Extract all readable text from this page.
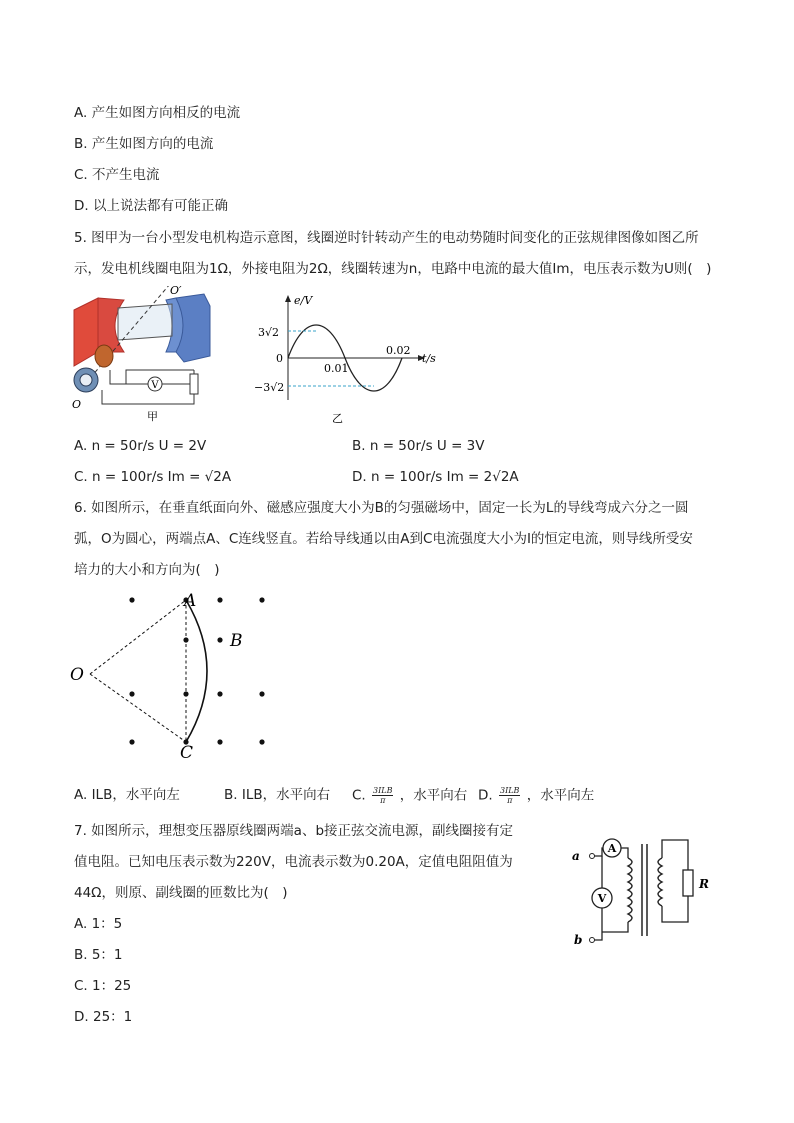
A. 产生如图方向相反的电流
B. 产生如图方向的电流
C. 不产生电流
D. 以上说法都有可能正确
5. 图甲为一台小型发电机构造示意图，线圈逆时针转动产生的电动势随时间变化的正弦规律图像如图乙所
示，发电机线圈电阻为1Ω，外接电阻为2Ω，线圈转速为n，电路中电流的最大值Im，电压表示数为U则(　)
V
O′
O
甲
e/V
t/s
3√2
−3√2
0
0.01
0.02
乙
A. n = 50r/s U = 2V	B. n = 50r/s U = 3V
C. n = 100r/s Im = √2A	D. n = 100r/s Im = 2√2A
6. 如图所示，在垂直纸面向外、磁感应强度大小为B的匀强磁场中，固定一长为L的导线弯成六分之一圆
弧，O为圆心，两端点A、C连线竖直。若给导线通以由A到C电流强度大小为I的恒定电流，则导线所受安
培力的大小和方向为(　)
A
B
C
O
A. ILB，水平向左	B. ILB，水平向右 C. 3ILB
π	，水平向右 D. 3ILB
π	，水平向左
7. 如图所示，理想变压器原线圈两端a、b接正弦交流电源，副线圈接有定
值电阻。已知电压表示数为220V，电流表示数为0.20A，定值电阻阻值为
44Ω，则原、副线圈的匝数比为(　)
A. 1：5
B. 5：1
C. 1：25
D. 25：1
a
b
A
V
R
